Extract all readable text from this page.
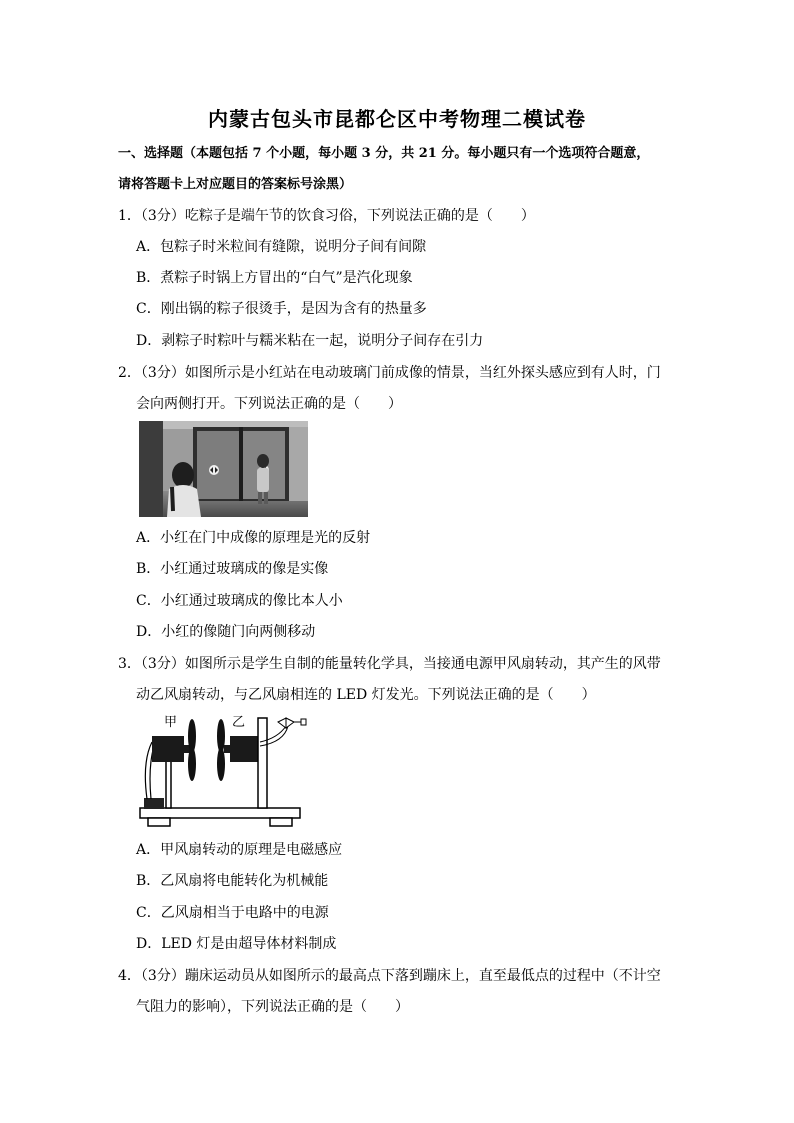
内蒙古包头市昆都仑区中考物理二模试卷
一、选择题（本题包括 7 个小题，每小题 3 分，共 21 分。每小题只有一个选项符合题意，
请将答题卡上对应题目的答案标号涂黑）
1．（3分）吃粽子是端午节的饮食习俗，下列说法正确的是（　　）
A．包粽子时米粒间有缝隙，说明分子间有间隙
B．煮粽子时锅上方冒出的“白气”是汽化现象
C．刚出锅的粽子很烫手，是因为含有的热量多
D．剥粽子时粽叶与糯米粘在一起，说明分子间存在引力
2．（3分）如图所示是小红站在电动玻璃门前成像的情景，当红外探头感应到有人时，门
会向两侧打开。下列说法正确的是（　　）
A．小红在门中成像的原理是光的反射
B．小红通过玻璃成的像是实像
C．小红通过玻璃成的像比本人小
D．小红的像随门向两侧移动
3．（3分）如图所示是学生自制的能量转化学具，当接通电源甲风扇转动，其产生的风带
动乙风扇转动，与乙风扇相连的 LED 灯发光。下列说法正确的是（　　）
甲	乙
A．甲风扇转动的原理是电磁感应
B．乙风扇将电能转化为机械能
C．乙风扇相当于电路中的电源
D．LED 灯是由超导体材料制成
4．（3分）蹦床运动员从如图所示的最高点下落到蹦床上，直至最低点的过程中（不计空
气阻力的影响），下列说法正确的是（　　）
